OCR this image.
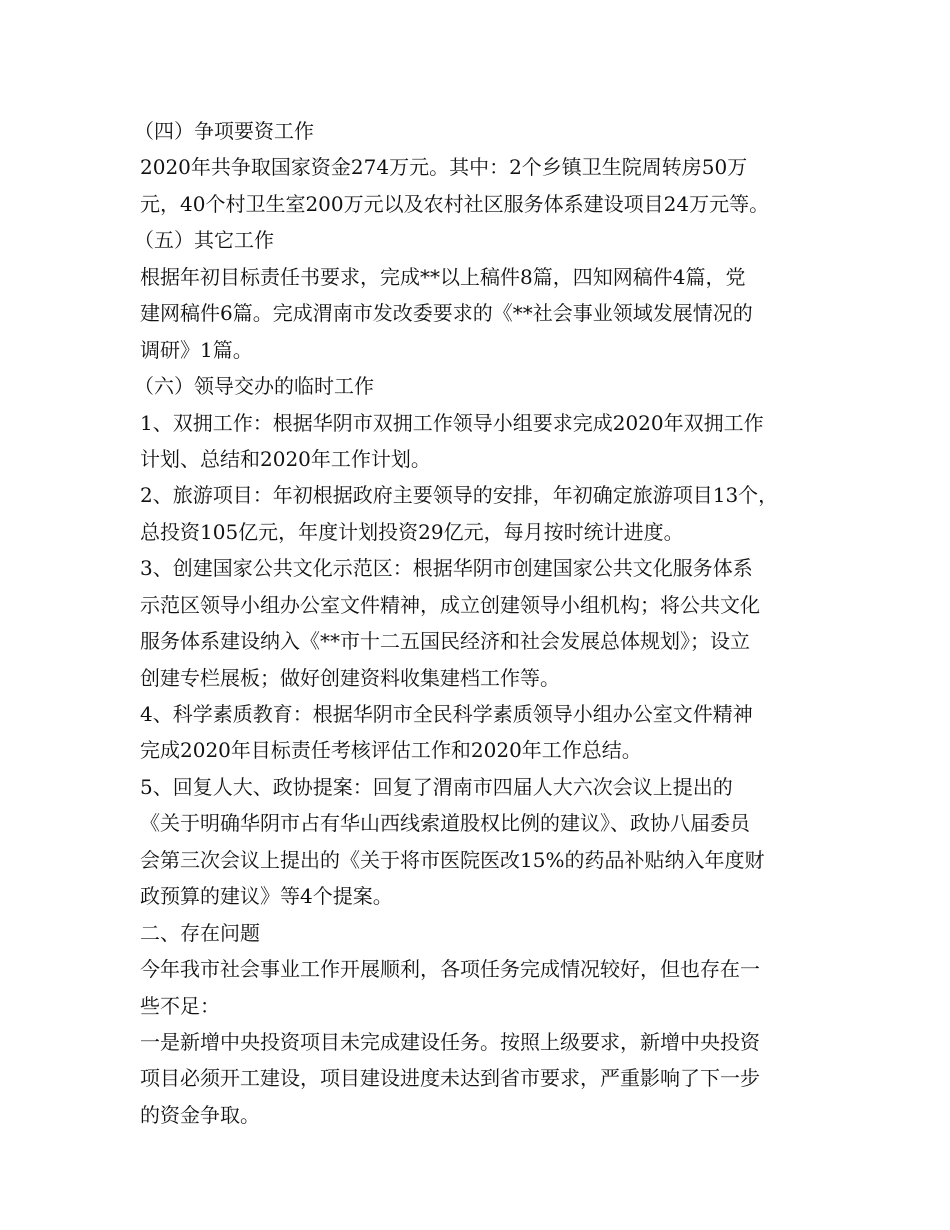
（四）争项要资工作
2020年共争取国家资金274万元。其中：2个乡镇卫生院周转房50万
元，40个村卫生室200万元以及农村社区服务体系建设项目24万元等。
（五）其它工作
根据年初目标责任书要求，完成**以上稿件8篇，四知网稿件4篇，党
建网稿件6篇。完成渭南市发改委要求的《**社会事业领域发展情况的
调研》1篇。
（六）领导交办的临时工作
1、双拥工作：根据华阴市双拥工作领导小组要求完成2020年双拥工作
计划、总结和2020年工作计划。
2、旅游项目：年初根据政府主要领导的安排，年初确定旅游项目13个，
总投资105亿元，年度计划投资29亿元，每月按时统计进度。
3、创建国家公共文化示范区：根据华阴市创建国家公共文化服务体系
示范区领导小组办公室文件精神，成立创建领导小组机构；将公共文化
服务体系建设纳入《**市十二五国民经济和社会发展总体规划》；设立
创建专栏展板；做好创建资料收集建档工作等。
4、科学素质教育：根据华阴市全民科学素质领导小组办公室文件精神
完成2020年目标责任考核评估工作和2020年工作总结。
5、回复人大、政协提案：回复了渭南市四届人大六次会议上提出的
《关于明确华阴市占有华山西线索道股权比例的建议》、政协八届委员
会第三次会议上提出的《关于将市医院医改15%的药品补贴纳入年度财
政预算的建议》等4个提案。
二、存在问题
今年我市社会事业工作开展顺利，各项任务完成情况较好，但也存在一
些不足：
一是新增中央投资项目未完成建设任务。按照上级要求，新增中央投资
项目必须开工建设，项目建设进度未达到省市要求，严重影响了下一步
的资金争取。
